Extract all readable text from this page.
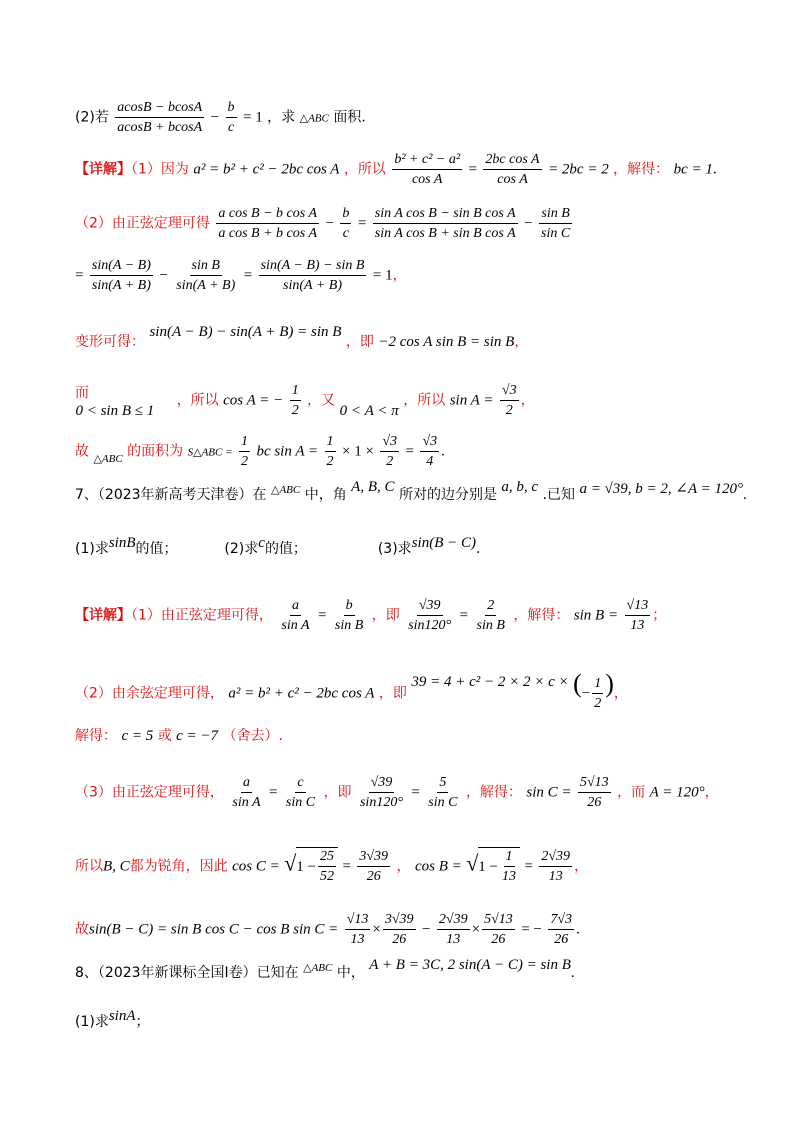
(2)若 $\frac{acosB - bcosA}{acosB + bcosA} - \frac{b}{c} = 1$ ，求 △ABC 面积.
【详解】（1）因为 a² = b² + c² − 2bc cos A ，所以 $\frac{\text{b² + c² − a²}}{\text{cos A}} = \frac{\text{2bc cos A}}{\text{cos A}} = 2bc = 2$ ，解得： bc = 1.
（2）由正弦定理可得 $\frac{\text{a cos B − b cos A}}{\text{a cos B + b cos A}} - \frac{b}{c} = \frac{\text{sin A cos B − sin B cos A}}{\text{sin A cos B + sin B cos A}} - \frac{\text{sin B}}{\text{sin C}}$
= $\frac{\sin(A - B)}{\sin(A + B)} - \frac{\text{sin B}}{\sin(A + B)} = \frac{\text{sin(A − B) − sin B}}{\sin(A + B)} = 1$，
变形可得： sin(A − B) − sin(A + B) = sin B ，即 −2 cos A sin B = sin B，
而 0 < sin B ≤ 1 ，所以 cos A = − $\frac{1}{2}$ ，又 0 < A < π ，所以 $\sin A = \frac{√3}{2}$ ，
故 $_{\triangle ABC}$ 的面积为 S△ABC = $\frac{1}{2}$ bc $\sin A = \frac{1}{2} \times 1 \times \frac{√3}{2} = \frac{√3}{4}$ .
7、（2023年新高考天津卷）在 $^{\triangle ABC}$ 中，角 A, B, C 所对的边分别是 a, b, c .已知 a = √39, b = 2, ∠A = 120°.
(1)求sinB的值；	(2)求c的值；	(3)求sin(B − C).
【详解】（1）由正弦定理可得， $\frac{a}{\text{sin A}} = \frac{b}{\text{sin B}}$ ，即 $\frac{√39}{\sin 120^\circ} = \frac{2}{\text{sin B}}$ ，解得： $\sin B = \frac{√13}{13}$ ；
（2）由余弦定理可得， a² = b² + c² − 2bc cos A ，即 39 = 4 + c² − 2 × 2 × c × (− $\frac{1}{2}$ )，
解得： c = 5 或 c = −7 （舍去）.
（3）由正弦定理可得， $\frac{a}{\text{sin A}} = \frac{c}{\text{sin C}}$ ，即 $\frac{√39}{\sin 120^\circ} = \frac{5}{\text{sin C}}$ ，解得： $\sin C = \frac{5√13}{26}$ ，而 A = 120°，
所以B, C都为锐角，因此 cos C = √ $1 - \frac{25}{52} = \frac{3√39}{26}$ ， cos B = √ $1 - \frac{1}{13} = \frac{2√39}{13}$ ，
故sin(B − C) = sin B cos C − cos B $\sin C = \frac{√13}{13} \times \frac{3√39}{26} - \frac{2√39}{13} \times \frac{5√13}{26}$ = − $\frac{7√3}{26}$ .
8、（2023年新课标全国Ⅰ卷）已知在 $^{\triangle ABC}$ 中， A + B = 3C, 2 sin(A − C) = sin B.
(1)求sinA；
